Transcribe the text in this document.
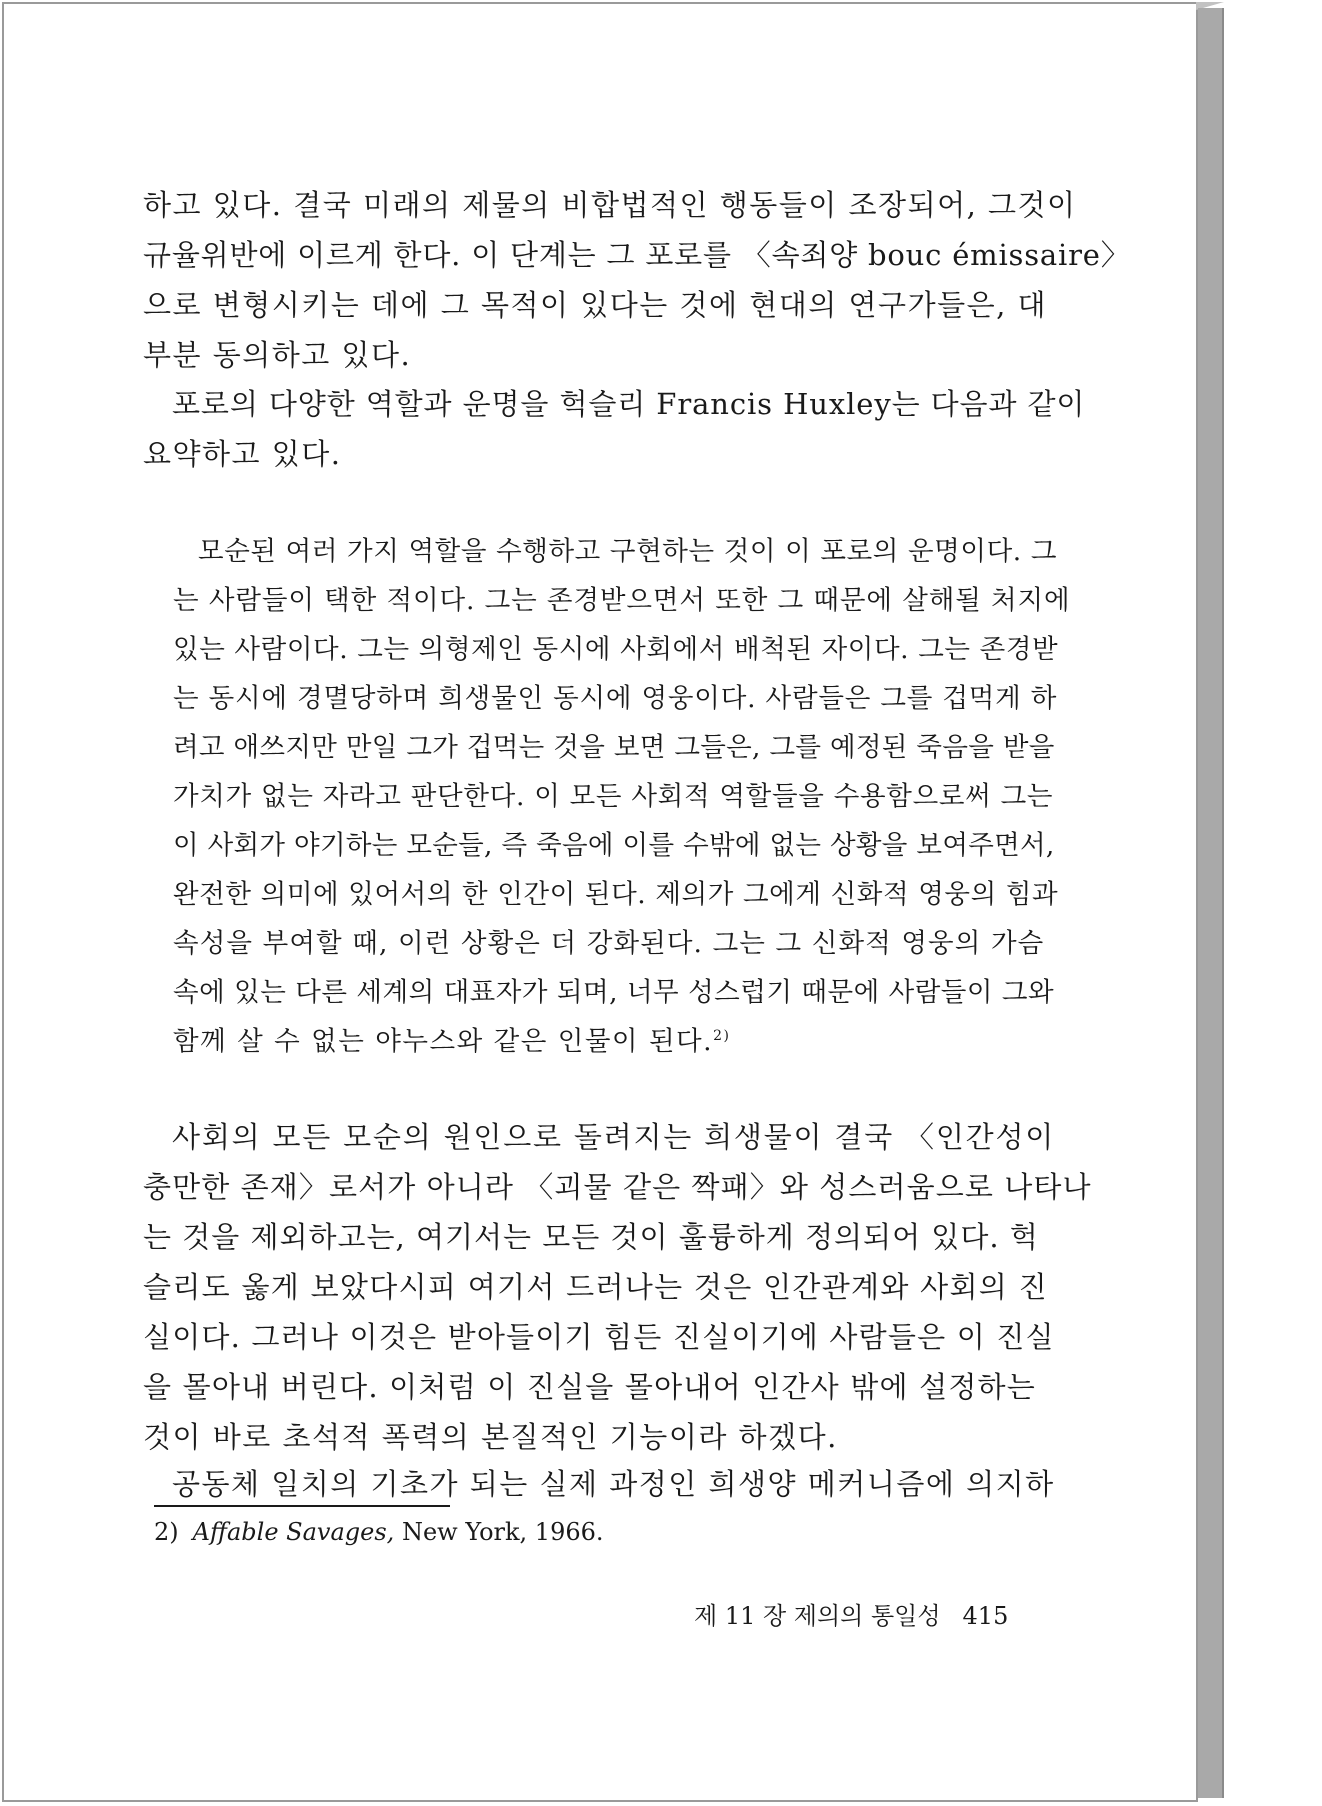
하고 있다. 결국 미래의 제물의 비합법적인 행동들이 조장되어, 그것이
규율위반에 이르게 한다. 이 단계는 그 포로를 〈속죄양 bouc émissaire〉
으로 변형시키는 데에 그 목적이 있다는 것에 현대의 연구가들은, 대
부분 동의하고 있다.
포로의 다양한 역할과 운명을 헉슬리 Francis Huxley는 다음과 같이
요약하고 있다.
모순된 여러 가지 역할을 수행하고 구현하는 것이 이 포로의 운명이다. 그
는 사람들이 택한 적이다. 그는 존경받으면서 또한 그 때문에 살해될 처지에
있는 사람이다. 그는 의형제인 동시에 사회에서 배척된 자이다. 그는 존경받
는 동시에 경멸당하며 희생물인 동시에 영웅이다. 사람들은 그를 겁먹게 하
려고 애쓰지만 만일 그가 겁먹는 것을 보면 그들은, 그를 예정된 죽음을 받을
가치가 없는 자라고 판단한다. 이 모든 사회적 역할들을 수용함으로써 그는
이 사회가 야기하는 모순들, 즉 죽음에 이를 수밖에 없는 상황을 보여주면서,
완전한 의미에 있어서의 한 인간이 된다. 제의가 그에게 신화적 영웅의 힘과
속성을 부여할 때, 이런 상황은 더 강화된다. 그는 그 신화적 영웅의 가슴
속에 있는 다른 세계의 대표자가 되며, 너무 성스럽기 때문에 사람들이 그와
함께 살 수 없는 야누스와 같은 인물이 된다.$^{2)}$
사회의 모든 모순의 원인으로 돌려지는 희생물이 결국 〈인간성이
충만한 존재〉로서가 아니라 〈괴물 같은 짝패〉와 성스러움으로 나타나
는 것을 제외하고는, 여기서는 모든 것이 훌륭하게 정의되어 있다. 헉
슬리도 옳게 보았다시피 여기서 드러나는 것은 인간관계와 사회의 진
실이다. 그러나 이것은 받아들이기 힘든 진실이기에 사람들은 이 진실
을 몰아내 버린다. 이처럼 이 진실을 몰아내어 인간사 밖에 설정하는
것이 바로 초석적 폭력의 본질적인 기능이라 하겠다.
공동체 일치의 기초가 되는 실제 과정인 희생양 메커니즘에 의지하
2) Affable Savages, New York, 1966.
제 11 장 제의의 통일성 415
